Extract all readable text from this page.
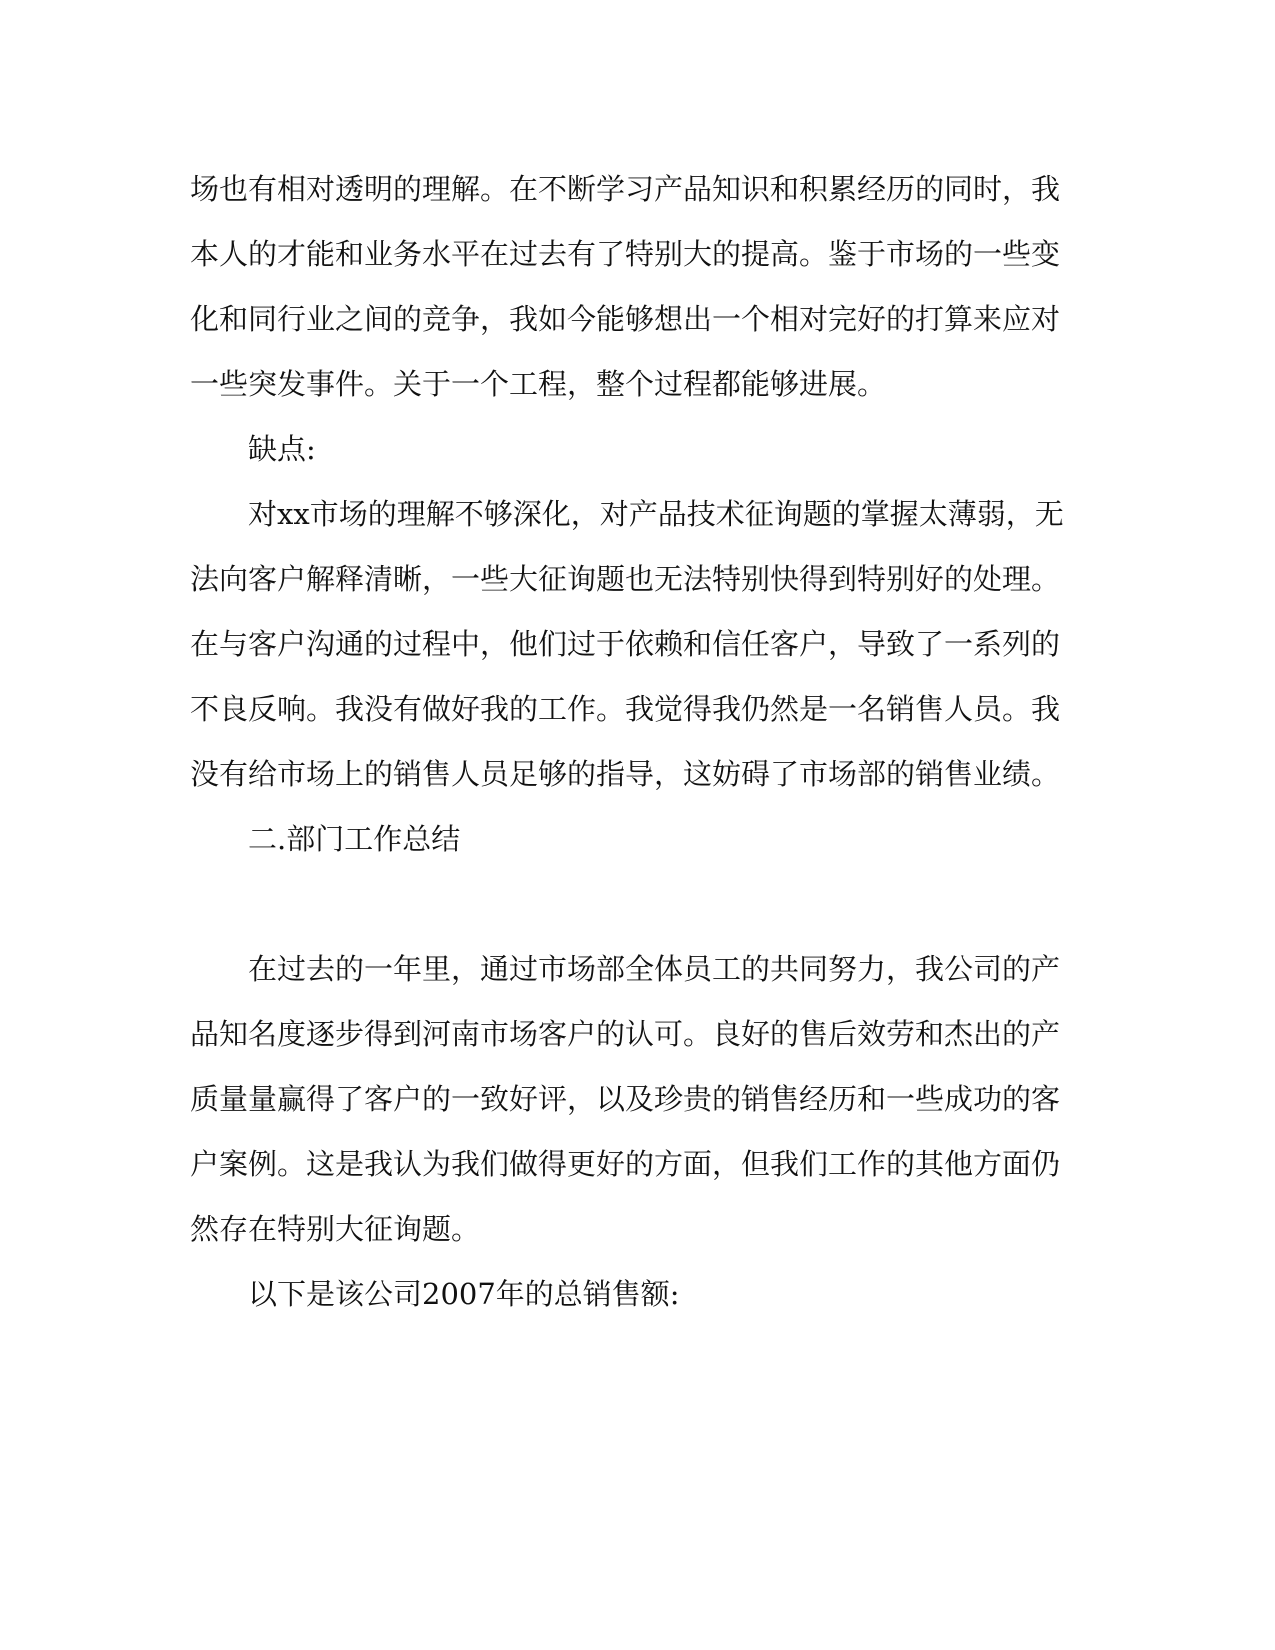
场也有相对透明的理解。在不断学习产品知识和积累经历的同时，我
本人的才能和业务水平在过去有了特别大的提高。鉴于市场的一些变
化和同行业之间的竞争，我如今能够想出一个相对完好的打算来应对
一些突发事件。关于一个工程，整个过程都能够进展。
缺点:
对xx市场的理解不够深化，对产品技术征询题的掌握太薄弱，无
法向客户解释清晰，一些大征询题也无法特别快得到特别好的处理。
在与客户沟通的过程中，他们过于依赖和信任客户，导致了一系列的
不良反响。我没有做好我的工作。我觉得我仍然是一名销售人员。我
没有给市场上的销售人员足够的指导，这妨碍了市场部的销售业绩。
二.部门工作总结
在过去的一年里，通过市场部全体员工的共同努力，我公司的产
品知名度逐步得到河南市场客户的认可。良好的售后效劳和杰出的产
质量量赢得了客户的一致好评，以及珍贵的销售经历和一些成功的客
户案例。这是我认为我们做得更好的方面，但我们工作的其他方面仍
然存在特别大征询题。
以下是该公司2007年的总销售额:
